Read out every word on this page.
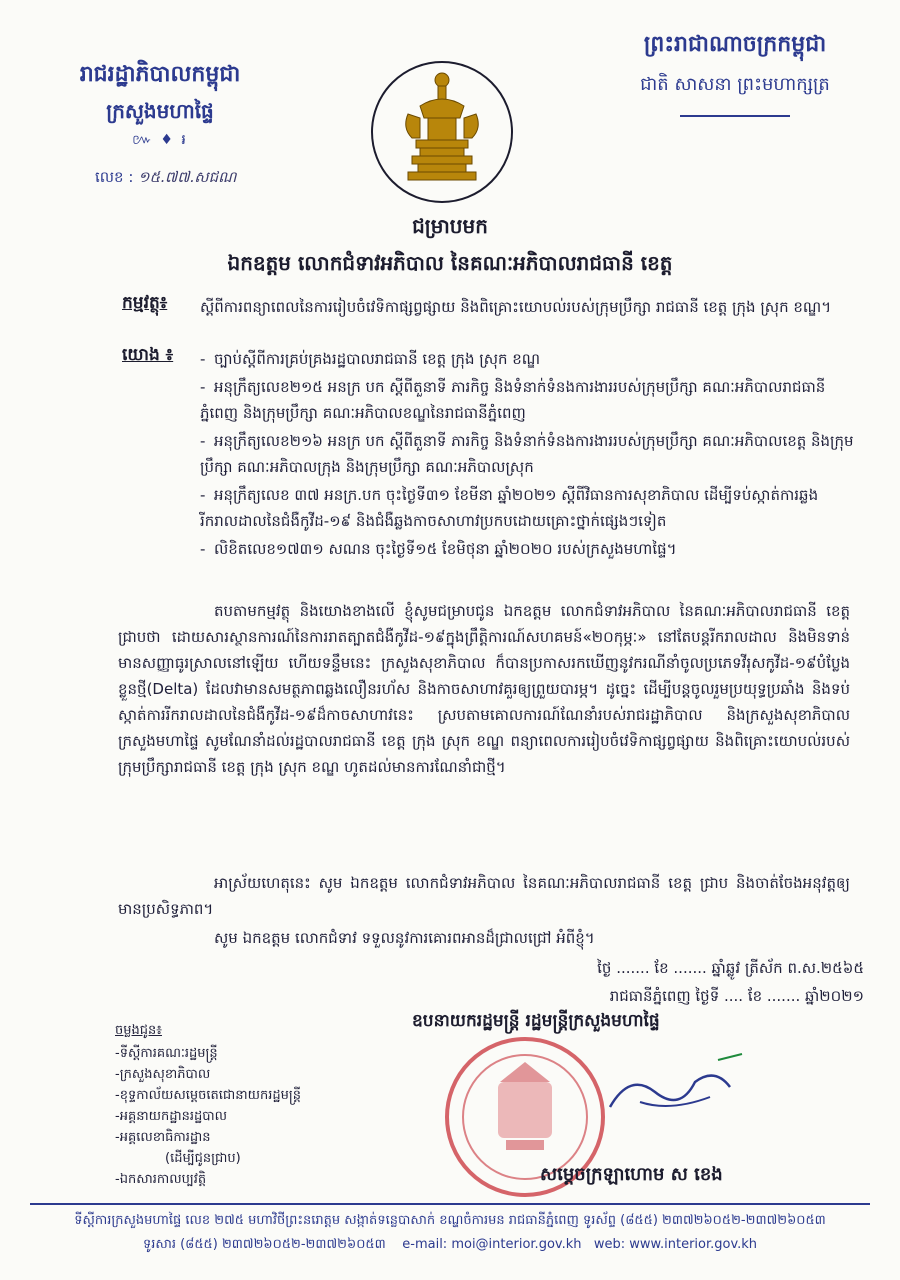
រាជរដ្ឋាភិបាលកម្ពុជា
ក្រសួងមហាផ្ទៃ
៚ ♦ ៛
លេខ : ១៥.៧៧.សជណ
ព្រះរាជាណាចក្រកម្ពុជា
ជាតិ សាសនា ព្រះមហាក្សត្រ
ជម្រាបមក
ឯកឧត្តម លោកជំទាវអភិបាល នៃគណៈអភិបាលរាជធានី ខេត្ត
កម្មវត្ថុ៖ ស្តីពីការពន្យាពេលនៃការរៀបចំវេទិកាផ្សព្វផ្សាយ និងពិគ្រោះយោបល់របស់ក្រុមប្រឹក្សា រាជធានី ខេត្ត ក្រុង ស្រុក ខណ្ឌ។
យោង ៖ - ច្បាប់ស្តីពីការគ្រប់គ្រងរដ្ឋបាលរាជធានី ខេត្ត ក្រុង ស្រុក ខណ្ឌ
- អនុក្រឹត្យលេខ២១៥ អនក្រ បក ស្តីពីតួនាទី ភារកិច្ច និងទំនាក់ទំនងការងាររបស់ក្រុមប្រឹក្សា គណៈអភិបាលរាជធានីភ្នំពេញ និងក្រុមប្រឹក្សា គណៈអភិបាលខណ្ឌនៃរាជធានីភ្នំពេញ
- អនុក្រឹត្យលេខ២១៦ អនក្រ បក ស្តីពីតួនាទី ភារកិច្ច និងទំនាក់ទំនងការងាររបស់ក្រុមប្រឹក្សា គណៈអភិបាលខេត្ត និងក្រុមប្រឹក្សា គណៈអភិបាលក្រុង និងក្រុមប្រឹក្សា គណៈអភិបាលស្រុក
- អនុក្រឹត្យលេខ ៣៧ អនក្រ.បក ចុះថ្ងៃទី៣១ ខែមីនា ឆ្នាំ២០២១ ស្តីពីវិធានការសុខាភិបាល ដើម្បីទប់ស្កាត់ការឆ្លងរីករាលដាលនៃជំងឺកូវីដ-១៩ និងជំងឺឆ្លងកាចសាហាវប្រកបដោយគ្រោះថ្នាក់ផ្សេងៗទៀត
- លិខិតលេខ១៧៣១ សណន ចុះថ្ងៃទី១៥ ខែមិថុនា ឆ្នាំ២០២០ របស់ក្រសួងមហាផ្ទៃ។
តបតាមកម្មវត្ថុ និងយោងខាងលើ ខ្ញុំសូមជម្រាបជូន ឯកឧត្តម លោកជំទាវអភិបាល នៃគណៈអភិបាលរាជធានី ខេត្ត ជ្រាបថា ដោយសារស្ថានការណ៍នៃការរាតត្បាតជំងឺកូវីដ-១៩ក្នុងព្រឹត្តិការណ៍សហគមន៍«២០កុម្ភៈ» នៅតែបន្តរីករាលដាល និងមិនទាន់មានសញ្ញាធូរស្រាលនៅឡើយ ហើយទន្ទឹមនេះ ក្រសួងសុខាភិបាល ក៏បានប្រកាសរកឃើញនូវករណីនាំចូលប្រភេទវីរុសកូវីដ-១៩បំប្លែងខ្លួនថ្មី(Delta) ដែលវាមានសមត្ថភាពឆ្លងលឿនរហ័ស និងកាចសាហាវគួរឲ្យព្រួយបារម្ភ។ ដូច្នេះ ដើម្បីបន្តចូលរួមប្រយុទ្ធប្រឆាំង និងទប់ស្កាត់ការរីករាលដាលនៃជំងឺកូវីដ-១៩ដ៏កាចសាហាវនេះ ស្របតាមគោលការណ៍ណែនាំរបស់រាជរដ្ឋាភិបាល និងក្រសួងសុខាភិបាល ក្រសួងមហាផ្ទៃ សូមណែនាំដល់រដ្ឋបាលរាជធានី ខេត្ត ក្រុង ស្រុក ខណ្ឌ ពន្យាពេលការរៀបចំវេទិកាផ្សព្វផ្សាយ និងពិគ្រោះយោបល់របស់ក្រុមប្រឹក្សារាជធានី ខេត្ត ក្រុង ស្រុក ខណ្ឌ ហូតដល់មានការណែនាំជាថ្មី។
អាស្រ័យហេតុនេះ សូម ឯកឧត្តម លោកជំទាវអភិបាល នៃគណៈអភិបាលរាជធានី ខេត្ត ជ្រាប និងចាត់ចែងអនុវត្តឲ្យមានប្រសិទ្ធភាព។
សូម ឯកឧត្តម លោកជំទាវ ទទួលនូវការគោរពអានដ៏ជ្រាលជ្រៅ អំពីខ្ញុំ។
ថ្ងៃ ....... ខែ ....... ឆ្នាំឆ្លូវ ត្រីស័ក ព.ស.២៥៦៥
រាជធានីភ្នំពេញ ថ្ងៃទី .... ខែ ....... ឆ្នាំ២០២១
ឧបនាយករដ្ឋមន្ត្រី រដ្ឋមន្ត្រីក្រសួងមហាផ្ទៃ
សម្តេចក្រឡាហោម ស ខេង
ចម្លងជូន៖
-ទីស្តីការគណៈរដ្ឋមន្ត្រី
-ក្រសួងសុខាភិបាល
-ខុទ្ទកាល័យសម្តេចតេជោនាយករដ្ឋមន្ត្រី
-អគ្គនាយកដ្ឋានរដ្ឋបាល
-អគ្គលេខាធិការដ្ឋាន
(ដើម្បីជូនជ្រាប)
-ឯកសារកាលប្បវត្តិ
ទីស្តីការក្រសួងមហាផ្ទៃ លេខ ២៧៥ មហាវិថីព្រះនរោត្តម សង្កាត់ទន្លេបាសាក់ ខណ្ឌចំការមន រាជធានីភ្នំពេញ ទូរស័ព្ទ (៨៥៥) ២៣៧២៦០៥២-២៣៧២៦០៥៣
ទូរសារ (៨៥៥) ២៣៧២៦០៥២-២៣៧២៦០៥៣ e-mail: moi@interior.gov.kh web: www.interior.gov.kh
